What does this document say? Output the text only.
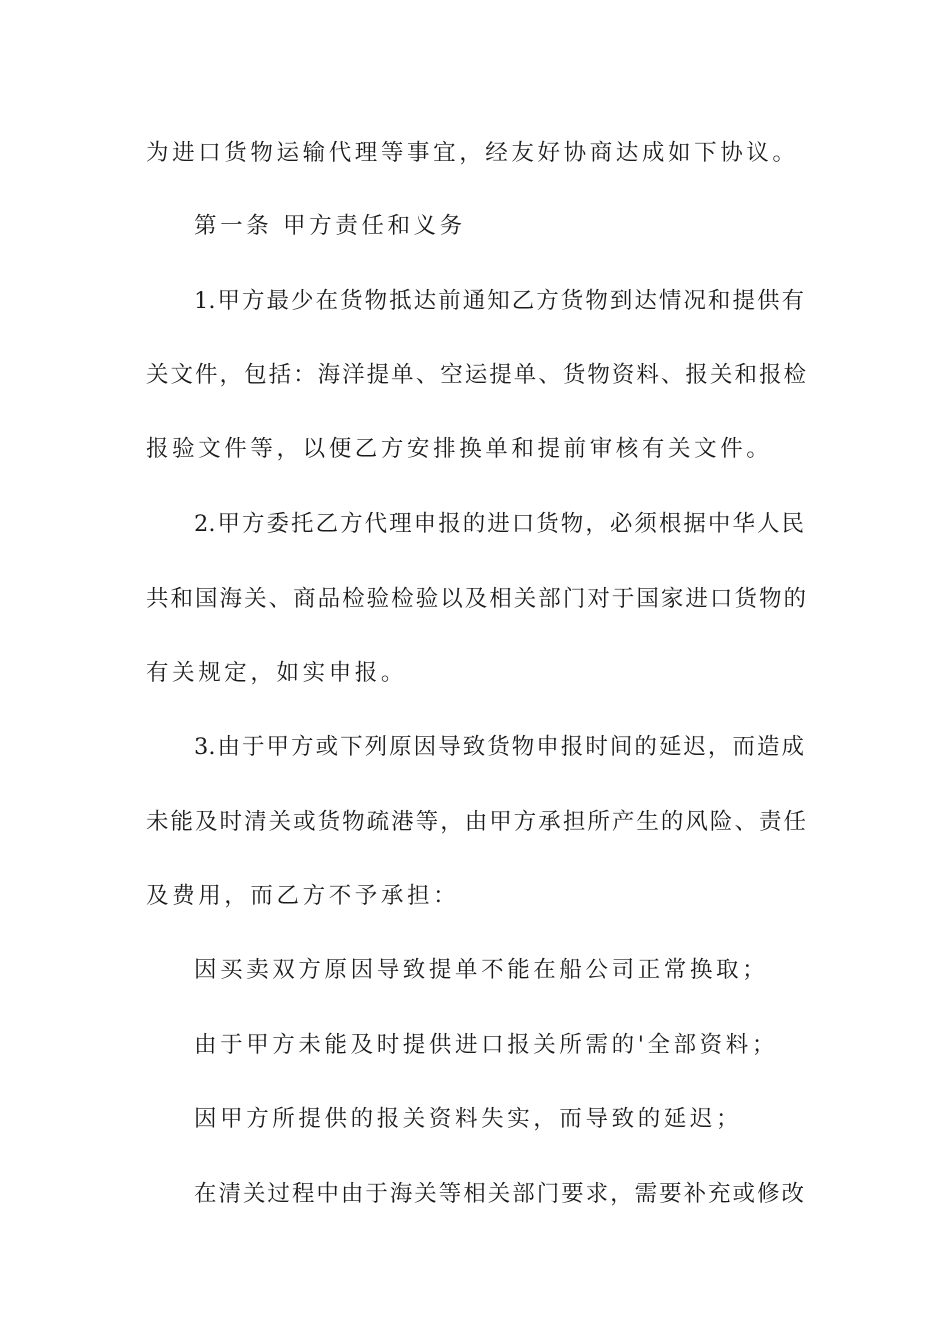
为进口货物运输代理等事宜，经友好协商达成如下协议。
第一条 甲方责任和义务
1.甲方最少在货物抵达前通知乙方货物到达情况和提供有
关文件，包括：海洋提单、空运提单、货物资料、报关和报检
报验文件等，以便乙方安排换单和提前审核有关文件。
2.甲方委托乙方代理申报的进口货物，必须根据中华人民
共和国海关、商品检验检验以及相关部门对于国家进口货物的
有关规定，如实申报。
3.由于甲方或下列原因导致货物申报时间的延迟，而造成
未能及时清关或货物疏港等，由甲方承担所产生的风险、责任
及费用，而乙方不予承担：
因买卖双方原因导致提单不能在船公司正常换取；
由于甲方未能及时提供进口报关所需的'全部资料；
因甲方所提供的报关资料失实，而导致的延迟；
在清关过程中由于海关等相关部门要求，需要补充或修改
